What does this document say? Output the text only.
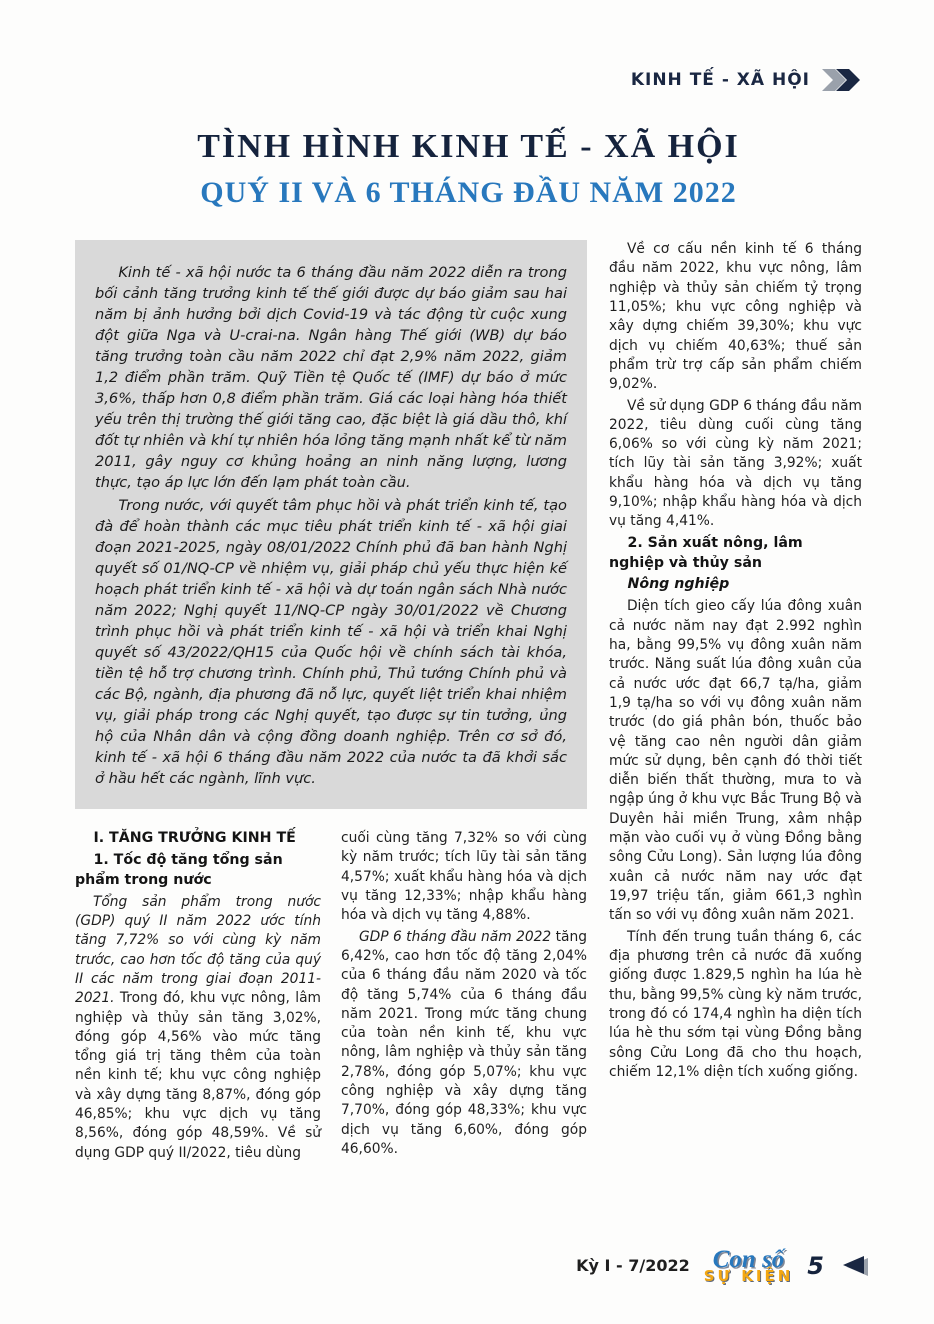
KINH TẾ - XÃ HỘI
TÌNH HÌNH KINH TẾ - XÃ HỘI
QUÝ II VÀ 6 THÁNG ĐẦU NĂM 2022

Kinh tế - xã hội nước ta 6 tháng đầu năm 2022 diễn ra trong bối cảnh tăng trưởng kinh tế thế giới được dự báo giảm sau hai năm bị ảnh hưởng bởi dịch Covid-19 và tác động từ cuộc xung đột giữa Nga và U-crai-na. Ngân hàng Thế giới (WB) dự báo tăng trưởng toàn cầu năm 2022 chỉ đạt 2,9% năm 2022, giảm 1,2 điểm phần trăm. Quỹ Tiền tệ Quốc tế (IMF) dự báo ở mức 3,6%, thấp hơn 0,8 điểm phần trăm. Giá các loại hàng hóa thiết yếu trên thị trường thế giới tăng cao, đặc biệt là giá dầu thô, khí đốt tự nhiên và khí tự nhiên hóa lỏng tăng mạnh nhất kể từ năm 2011, gây nguy cơ khủng hoảng an ninh năng lượng, lương thực, tạo áp lực lớn đến lạm phát toàn cầu.

Trong nước, với quyết tâm phục hồi và phát triển kinh tế, tạo đà để hoàn thành các mục tiêu phát triển kinh tế - xã hội giai đoạn 2021-2025, ngày 08/01/2022 Chính phủ đã ban hành Nghị quyết số 01/NQ-CP về nhiệm vụ, giải pháp chủ yếu thực hiện kế hoạch phát triển kinh tế - xã hội và dự toán ngân sách Nhà nước năm 2022; Nghị quyết 11/NQ-CP ngày 30/01/2022 về Chương trình phục hồi và phát triển kinh tế - xã hội và triển khai Nghị quyết số 43/2022/QH15 của Quốc hội về chính sách tài khóa, tiền tệ hỗ trợ chương trình. Chính phủ, Thủ tướng Chính phủ và các Bộ, ngành, địa phương đã nỗ lực, quyết liệt triển khai nhiệm vụ, giải pháp trong các Nghị quyết, tạo được sự tin tưởng, ủng hộ của Nhân dân và cộng đồng doanh nghiệp. Trên cơ sở đó, kinh tế - xã hội 6 tháng đầu năm 2022 của nước ta đã khởi sắc ở hầu hết các ngành, lĩnh vực.

I. TĂNG TRƯỞNG KINH TẾ

1. Tốc độ tăng tổng sản phẩm trong nước

Tổng sản phẩm trong nước (GDP) quý II năm 2022 ước tính tăng 7,72% so với cùng kỳ năm trước, cao hơn tốc độ tăng của quý II các năm trong giai đoạn 2011-2021. Trong đó, khu vực nông, lâm nghiệp và thủy sản tăng 3,02%, đóng góp 4,56% vào mức tăng tổng giá trị tăng thêm của toàn nền kinh tế; khu vực công nghiệp và xây dựng tăng 8,87%, đóng góp 46,85%; khu vực dịch vụ tăng 8,56%, đóng góp 48,59%. Về sử dụng GDP quý II/2022, tiêu dùng

cuối cùng tăng 7,32% so với cùng kỳ năm trước; tích lũy tài sản tăng 4,57%; xuất khẩu hàng hóa và dịch vụ tăng 12,33%; nhập khẩu hàng hóa và dịch vụ tăng 4,88%.

GDP 6 tháng đầu năm 2022 tăng 6,42%, cao hơn tốc độ tăng 2,04% của 6 tháng đầu năm 2020 và tốc độ tăng 5,74% của 6 tháng đầu năm 2021. Trong mức tăng chung của toàn nền kinh tế, khu vực nông, lâm nghiệp và thủy sản tăng 2,78%, đóng góp 5,07%; khu vực công nghiệp và xây dựng tăng 7,70%, đóng góp 48,33%; khu vực dịch vụ tăng 6,60%, đóng góp 46,60%.

Về cơ cấu nền kinh tế 6 tháng đầu năm 2022, khu vực nông, lâm nghiệp và thủy sản chiếm tỷ trọng 11,05%; khu vực công nghiệp và xây dựng chiếm 39,30%; khu vực dịch vụ chiếm 40,63%; thuế sản phẩm trừ trợ cấp sản phẩm chiếm 9,02%.

Về sử dụng GDP 6 tháng đầu năm 2022, tiêu dùng cuối cùng tăng 6,06% so với cùng kỳ năm 2021; tích lũy tài sản tăng 3,92%; xuất khẩu hàng hóa và dịch vụ tăng 9,10%; nhập khẩu hàng hóa và dịch vụ tăng 4,41%.

2. Sản xuất nông, lâm nghiệp và thủy sản

Nông nghiệp

Diện tích gieo cấy lúa đông xuân cả nước năm nay đạt 2.992 nghìn ha, bằng 99,5% vụ đông xuân năm trước. Năng suất lúa đông xuân của cả nước ước đạt 66,7 tạ/ha, giảm 1,9 tạ/ha so với vụ đông xuân năm trước (do giá phân bón, thuốc bảo vệ tăng cao nên người dân giảm mức sử dụng, bên cạnh đó thời tiết diễn biến thất thường, mưa to và ngập úng ở khu vực Bắc Trung Bộ và Duyên hải miền Trung, xâm nhập mặn vào cuối vụ ở vùng Đồng bằng sông Cửu Long). Sản lượng lúa đông xuân cả nước năm nay ước đạt 19,97 triệu tấn, giảm 661,3 nghìn tấn so với vụ đông xuân năm 2021.

Tính đến trung tuần tháng 6, các địa phương trên cả nước đã xuống giống được 1.829,5 nghìn ha lúa hè thu, bằng 99,5% cùng kỳ năm trước, trong đó có 174,4 nghìn ha diện tích lúa hè thu sớm tại vùng Đồng bằng sông Cửu Long đã cho thu hoạch, chiếm 12,1% diện tích xuống giống.

Kỳ I - 7/2022 Con số
SỰ KIỆN 5
